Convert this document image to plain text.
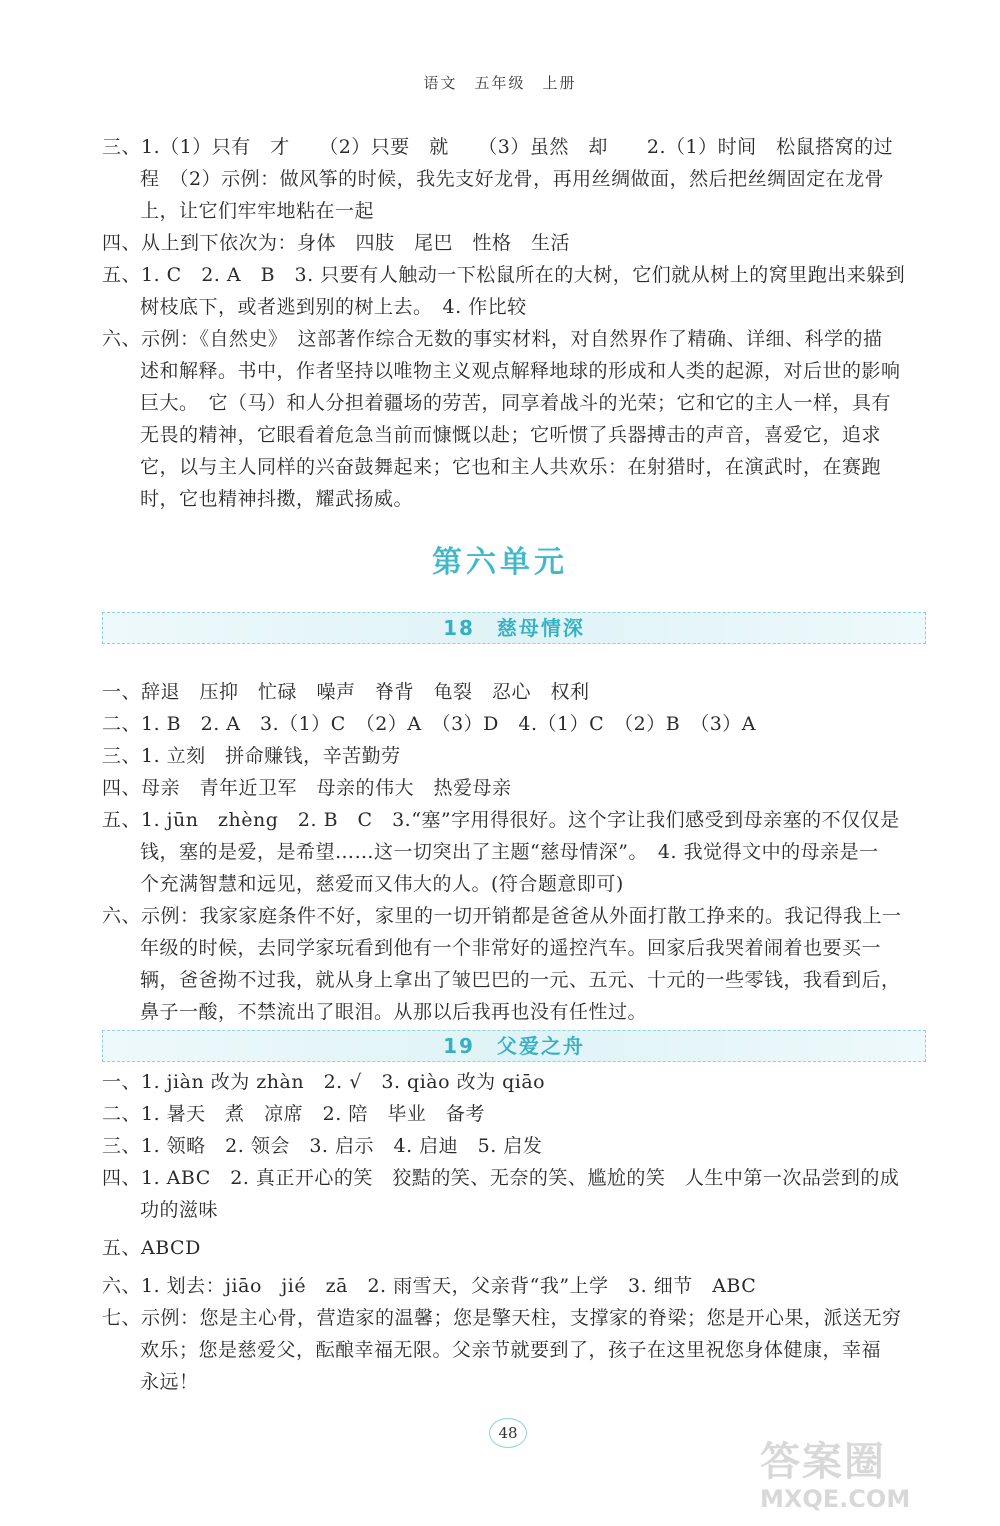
语文　五年级　上册
三、1.（1）只有　才　　（2）只要　就　　（3）虽然　却　　2.（1）时间　松鼠搭窝的过
程　（2）示例：做风筝的时候，我先支好龙骨，再用丝绸做面，然后把丝绸固定在龙骨
上，让它们牢牢地粘在一起
四、从上到下依次为：身体　四肢　尾巴　性格　生活
五、1. C　2. A　B　3. 只要有人触动一下松鼠所在的大树，它们就从树上的窝里跑出来躲到
树枝底下，或者逃到别的树上去。　4. 作比较
六、示例：《自然史》　这部著作综合无数的事实材料，对自然界作了精确、详细、科学的描
述和解释。书中，作者坚持以唯物主义观点解释地球的形成和人类的起源，对后世的影响
巨大。　它（马）和人分担着疆场的劳苦，同享着战斗的光荣；它和它的主人一样，具有
无畏的精神，它眼看着危急当前而慷慨以赴；它听惯了兵器搏击的声音，喜爱它，追求
它，以与主人同样的兴奋鼓舞起来；它也和主人共欢乐：在射猎时，在演武时，在赛跑
时，它也精神抖擞，耀武扬威。
第六单元
18　慈母情深
一、辞退　压抑　忙碌　噪声　脊背　龟裂　忍心　权利
二、1. B　2. A　3.（1）C　（2）A　（3）D　4.（1）C　（2）B　（3）A
三、1. 立刻　拼命赚钱，辛苦勤劳
四、母亲　青年近卫军　母亲的伟大　热爱母亲
五、1. jūn　zhèng　2. B　C　3.“塞”字用得很好。这个字让我们感受到母亲塞的不仅仅是
钱，塞的是爱，是希望……这一切突出了主题“慈母情深”。　4. 我觉得文中的母亲是一
个充满智慧和远见，慈爱而又伟大的人。(符合题意即可)
六、示例：我家家庭条件不好，家里的一切开销都是爸爸从外面打散工挣来的。我记得我上一
年级的时候，去同学家玩看到他有一个非常好的遥控汽车。回家后我哭着闹着也要买一
辆，爸爸拗不过我，就从身上拿出了皱巴巴的一元、五元、十元的一些零钱，我看到后，
鼻子一酸，不禁流出了眼泪。从那以后我再也没有任性过。
19　父爱之舟
一、1. jiàn 改为 zhàn　2. √　3. qiào 改为 qiāo
二、1. 暑天　煮　凉席　2. 陪　毕业　备考
三、1. 领略　2. 领会　3. 启示　4. 启迪　5. 启发
四、1. ABC　2. 真正开心的笑　狡黠的笑、无奈的笑、尴尬的笑　人生中第一次品尝到的成
功的滋味
五、ABCD
六、1. 划去：jiāo　jié　zā　2. 雨雪天，父亲背“我”上学　3. 细节　ABC
七、示例：您是主心骨，营造家的温馨；您是擎天柱，支撑家的脊梁；您是开心果，派送无穷
欢乐；您是慈爱父，酝酿幸福无限。父亲节就要到了，孩子在这里祝您身体健康，幸福
永远！
48
答案圈
MXQE.COM
